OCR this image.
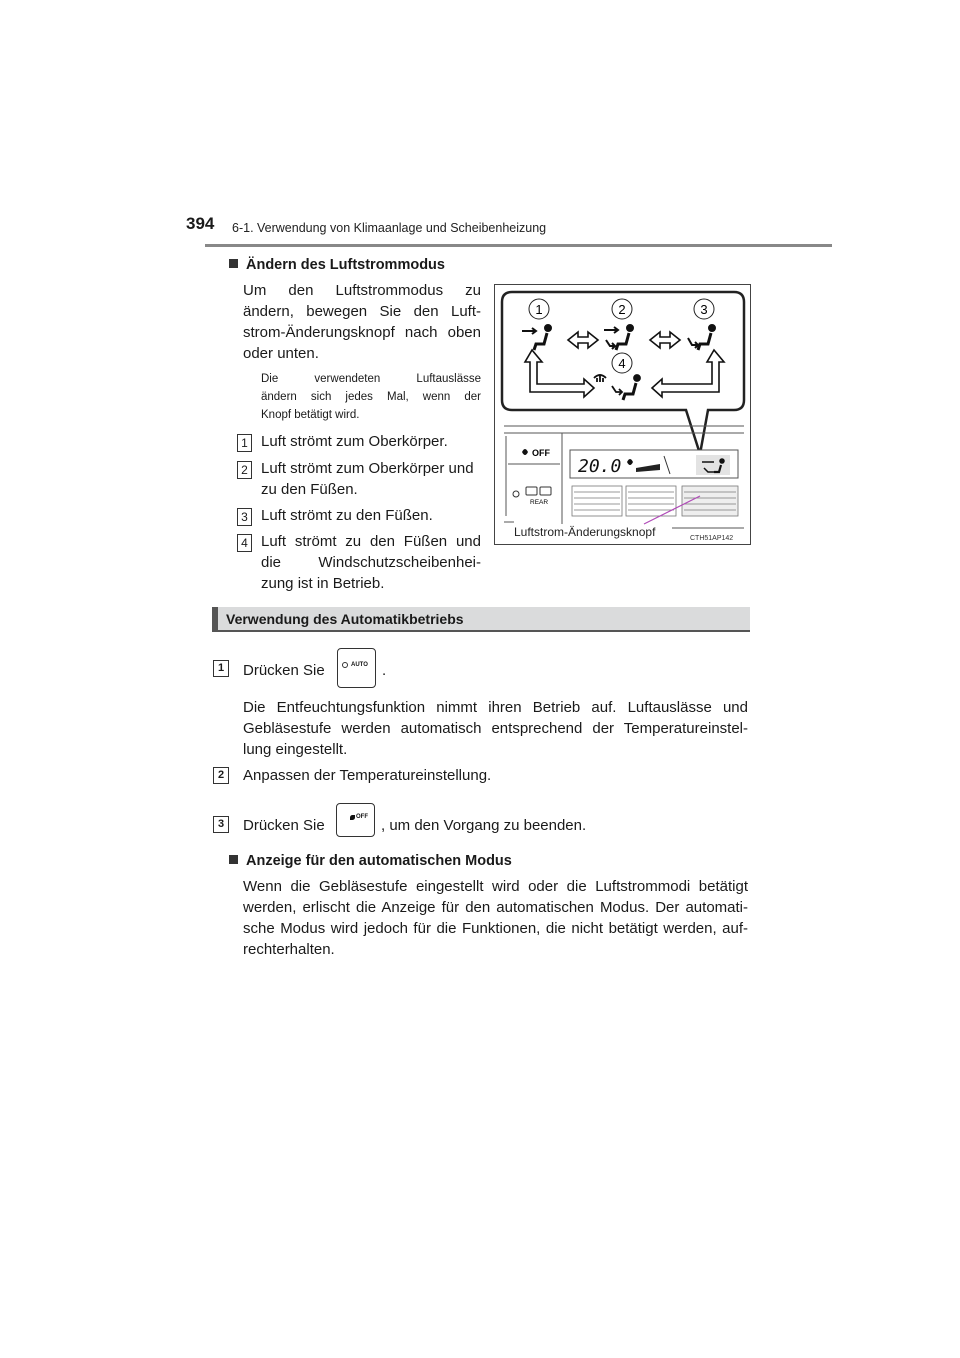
394 6-1. Verwendung von Klimaanlage und Scheibenheizung
Ändern des Luftstrommodus
Um den Luftstrommodus zu
ändern, bewegen Sie den Luft-
strom-Änderungsknopf nach oben
oder unten.
Die verwendeten Luftauslässe
ändern sich jedes Mal, wenn der
Knopf betätigt wird.
1 Luft strömt zum Oberkörper.
2 Luft strömt zum Oberkörper und
zu den Füßen.
3 Luft strömt zu den Füßen.
4 Luft strömt zu den Füßen und
die Windschutzscheibenhei-
zung ist in Betrieb.
1	2	3
4
OFF
REAR
20.0
Luftstrom-Änderungsknopf	CTH51AP142
Verwendung des Automatikbetriebs
1	Drücken Sie	AUTO .
Die Entfeuchtungsfunktion nimmt ihren Betrieb auf. Luftauslässe und
Gebläsestufe werden automatisch entsprechend der Temperatureinstel-
lung eingestellt.
2	Anpassen der Temperatureinstellung.
3	Drücken Sie	OFF , um den Vorgang zu beenden.
Anzeige für den automatischen Modus
Wenn die Gebläsestufe eingestellt wird oder die Luftstrommodi betätigt
werden, erlischt die Anzeige für den automatischen Modus. Der automati-
sche Modus wird jedoch für die Funktionen, die nicht betätigt werden, auf-
rechterhalten.
